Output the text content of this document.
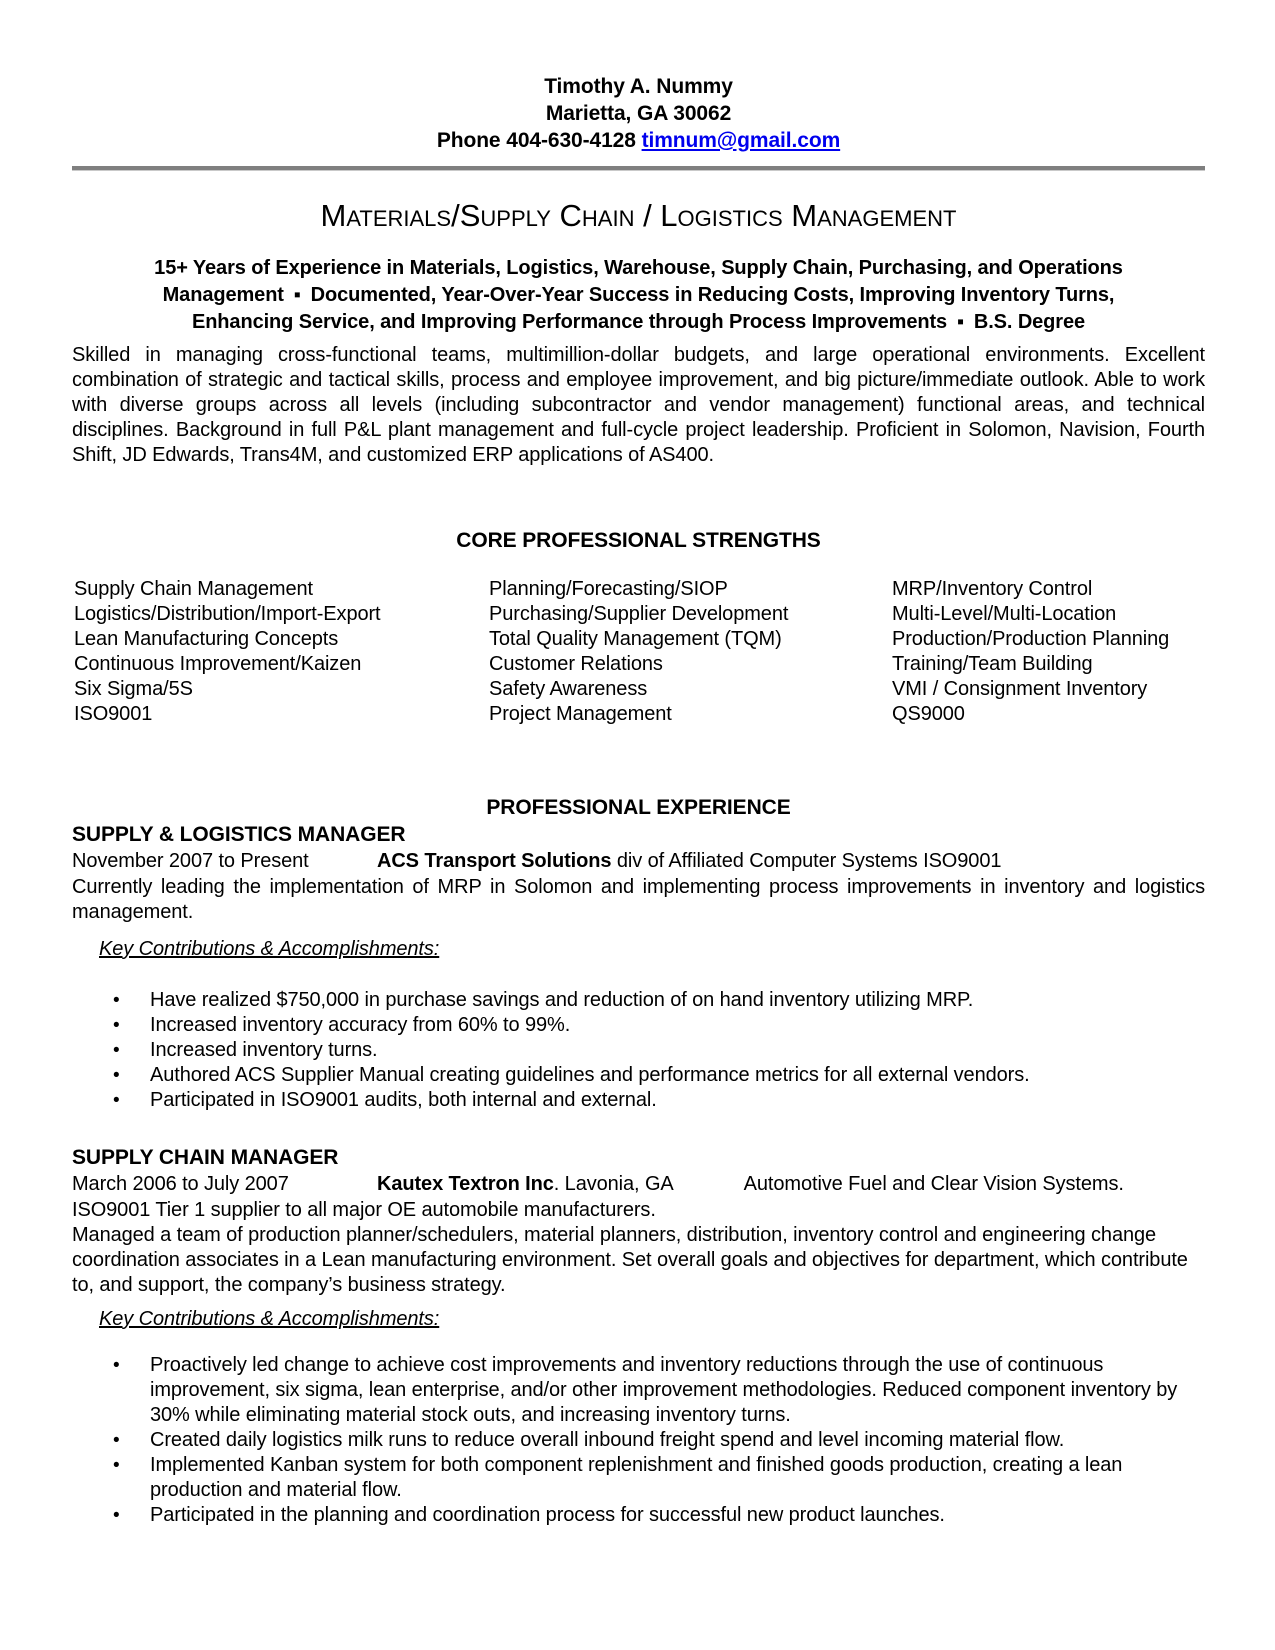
Timothy A. Nummy
Marietta, GA 30062
Phone 404-630-4128 timnum@gmail.com
Materials/Supply Chain / Logistics Management
15+ Years of Experience in Materials, Logistics, Warehouse, Supply Chain, Purchasing, and Operations
Management ▪ Documented, Year-Over-Year Success in Reducing Costs, Improving Inventory Turns,
Enhancing Service, and Improving Performance through Process Improvements ▪ B.S. Degree
Skilled in managing cross-functional teams, multimillion-dollar budgets, and large operational environments. Excellent combination of strategic and tactical skills, process and employee improvement, and big picture/immediate outlook. Able to work with diverse groups across all levels (including subcontractor and vendor management) functional areas, and technical disciplines. Background in full P&L plant management and full-cycle project leadership. Proficient in Solomon, Navision, Fourth Shift, JD Edwards, Trans4M, and customized ERP applications of AS400.
CORE PROFESSIONAL STRENGTHS
Supply Chain Management	Planning/Forecasting/SIOP	MRP/Inventory Control
Logistics/Distribution/Import-Export	Purchasing/Supplier Development	Multi-Level/Multi-Location
Lean Manufacturing Concepts	Total Quality Management (TQM)	Production/Production Planning
Continuous Improvement/Kaizen	Customer Relations	Training/Team Building
Six Sigma/5S	Safety Awareness	VMI / Consignment Inventory
ISO9001	Project Management	QS9000
PROFESSIONAL EXPERIENCE
SUPPLY & LOGISTICS MANAGER
November 2007 to Present	ACS Transport Solutions div of Affiliated Computer Systems ISO9001
Currently leading the implementation of MRP in Solomon and implementing process improvements in inventory and logistics management.
Key Contributions & Accomplishments:
•	Have realized $750,000 in purchase savings and reduction of on hand inventory utilizing MRP.
•	Increased inventory accuracy from 60% to 99%.
•	Increased inventory turns.
•	Authored ACS Supplier Manual creating guidelines and performance metrics for all external vendors.
•	Participated in ISO9001 audits, both internal and external.
SUPPLY CHAIN MANAGER
March 2006 to July 2007	Kautex Textron Inc. Lavonia, GA	Automotive Fuel and Clear Vision Systems.
ISO9001 Tier 1 supplier to all major OE automobile manufacturers.
Managed a team of production planner/schedulers, material planners, distribution, inventory control and engineering change coordination associates in a Lean manufacturing environment. Set overall goals and objectives for department, which contribute to, and support, the company’s business strategy.
Key Contributions & Accomplishments:
•	Proactively led change to achieve cost improvements and inventory reductions through the use of continuous improvement, six sigma, lean enterprise, and/or other improvement methodologies. Reduced component inventory by 30% while eliminating material stock outs, and increasing inventory turns.
•	Created daily logistics milk runs to reduce overall inbound freight spend and level incoming material flow.
•	Implemented Kanban system for both component replenishment and finished goods production, creating a lean production and material flow.
•	Participated in the planning and coordination process for successful new product launches.
